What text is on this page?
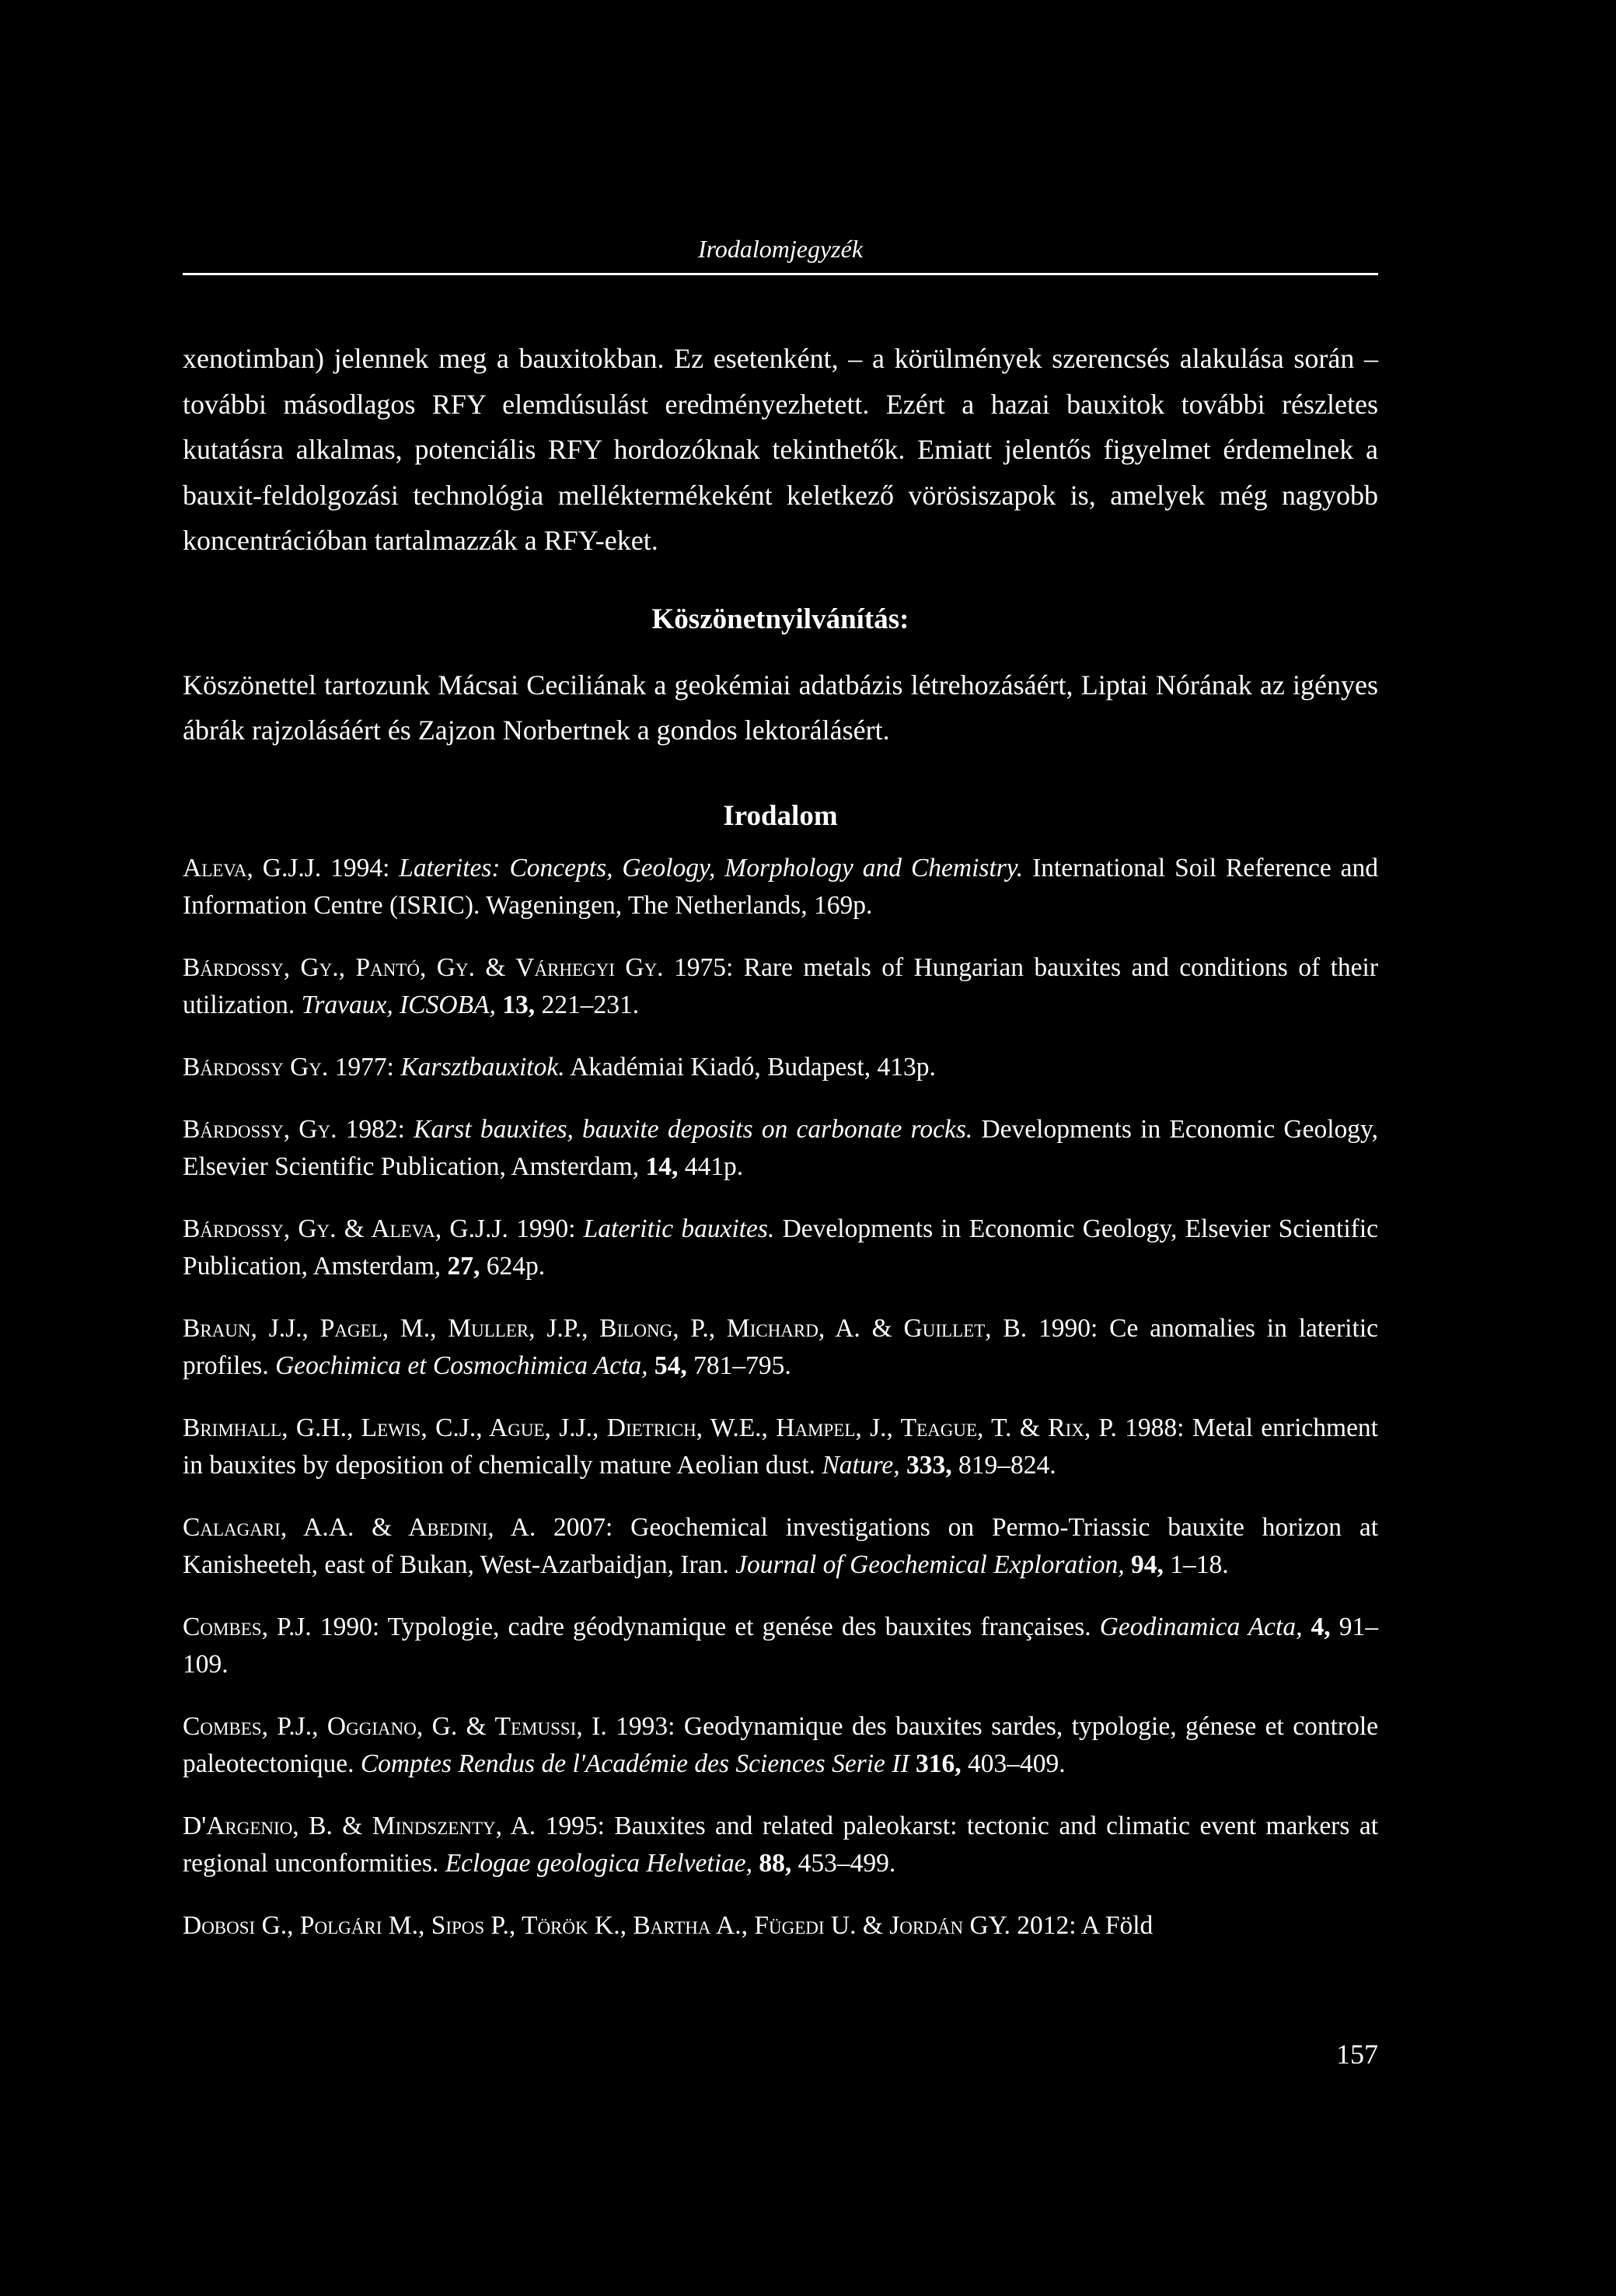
Irodalomjegyzék

xenotimban) jelennek meg a bauxitokban. Ez esetenként, – a körülmények szerencsés alakulása során – további másodlagos RFY elemdúsulást eredményezhetett. Ezért a hazai bauxitok további részletes kutatásra alkalmas, potenciális RFY hordozóknak tekinthetők. Emiatt jelentős figyelmet érdemelnek a bauxit-feldolgozási technológia melléktermékeként keletkező vörösiszapok is, amelyek még nagyobb koncentrációban tartalmazzák a RFY-eket.

Köszönetnyilvánítás:

Köszönettel tartozunk Mácsai Ceciliának a geokémiai adatbázis létrehozásáért, Liptai Nórának az igényes ábrák rajzolásáért és Zajzon Norbertnek a gondos lektorálásért.

Irodalom

Aleva, G.J.J. 1994: Laterites: Concepts, Geology, Morphology and Chemistry. International Soil Reference and Information Centre (ISRIC). Wageningen, The Netherlands, 169p.

Bárdossy, Gy., Pantó, Gy. & Várhegyi Gy. 1975: Rare metals of Hungarian bauxites and conditions of their utilization. Travaux, ICSOBA, 13, 221–231.

Bárdossy Gy. 1977: Karsztbauxitok. Akadémiai Kiadó, Budapest, 413p.

Bárdossy, Gy. 1982: Karst bauxites, bauxite deposits on carbonate rocks. Developments in Economic Geology, Elsevier Scientific Publication, Amsterdam, 14, 441p.

Bárdossy, Gy. & Aleva, G.J.J. 1990: Lateritic bauxites. Developments in Economic Geology, Elsevier Scientific Publication, Amsterdam, 27, 624p.

Braun, J.J., Pagel, M., Muller, J.P., Bilong, P., Michard, A. & Guillet, B. 1990: Ce anomalies in lateritic profiles. Geochimica et Cosmochimica Acta, 54, 781–795.

Brimhall, G.H., Lewis, C.J., Ague, J.J., Dietrich, W.E., Hampel, J., Teague, T. & Rix, P. 1988: Metal enrichment in bauxites by deposition of chemically mature Aeolian dust. Nature, 333, 819–824.

Calagari, A.A. & Abedini, A. 2007: Geochemical investigations on Permo-Triassic bauxite horizon at Kanisheeteh, east of Bukan, West-Azarbaidjan, Iran. Journal of Geochemical Exploration, 94, 1–18.

Combes, P.J. 1990: Typologie, cadre géodynamique et genése des bauxites françaises. Geodinamica Acta, 4, 91–109.

Combes, P.J., Oggiano, G. & Temussi, I. 1993: Geodynamique des bauxites sardes, typologie, génese et controle paleotectonique. Comptes Rendus de l'Académie des Sciences Serie II 316, 403–409.

D'Argenio, B. & Mindszenty, A. 1995: Bauxites and related paleokarst: tectonic and climatic event markers at regional unconformities. Eclogae geologica Helvetiae, 88, 453–499.

Dobosi G., Polgári M., Sipos P., Török K., Bartha A., Fügedi U. & Jordán GY. 2012: A Föld

157
